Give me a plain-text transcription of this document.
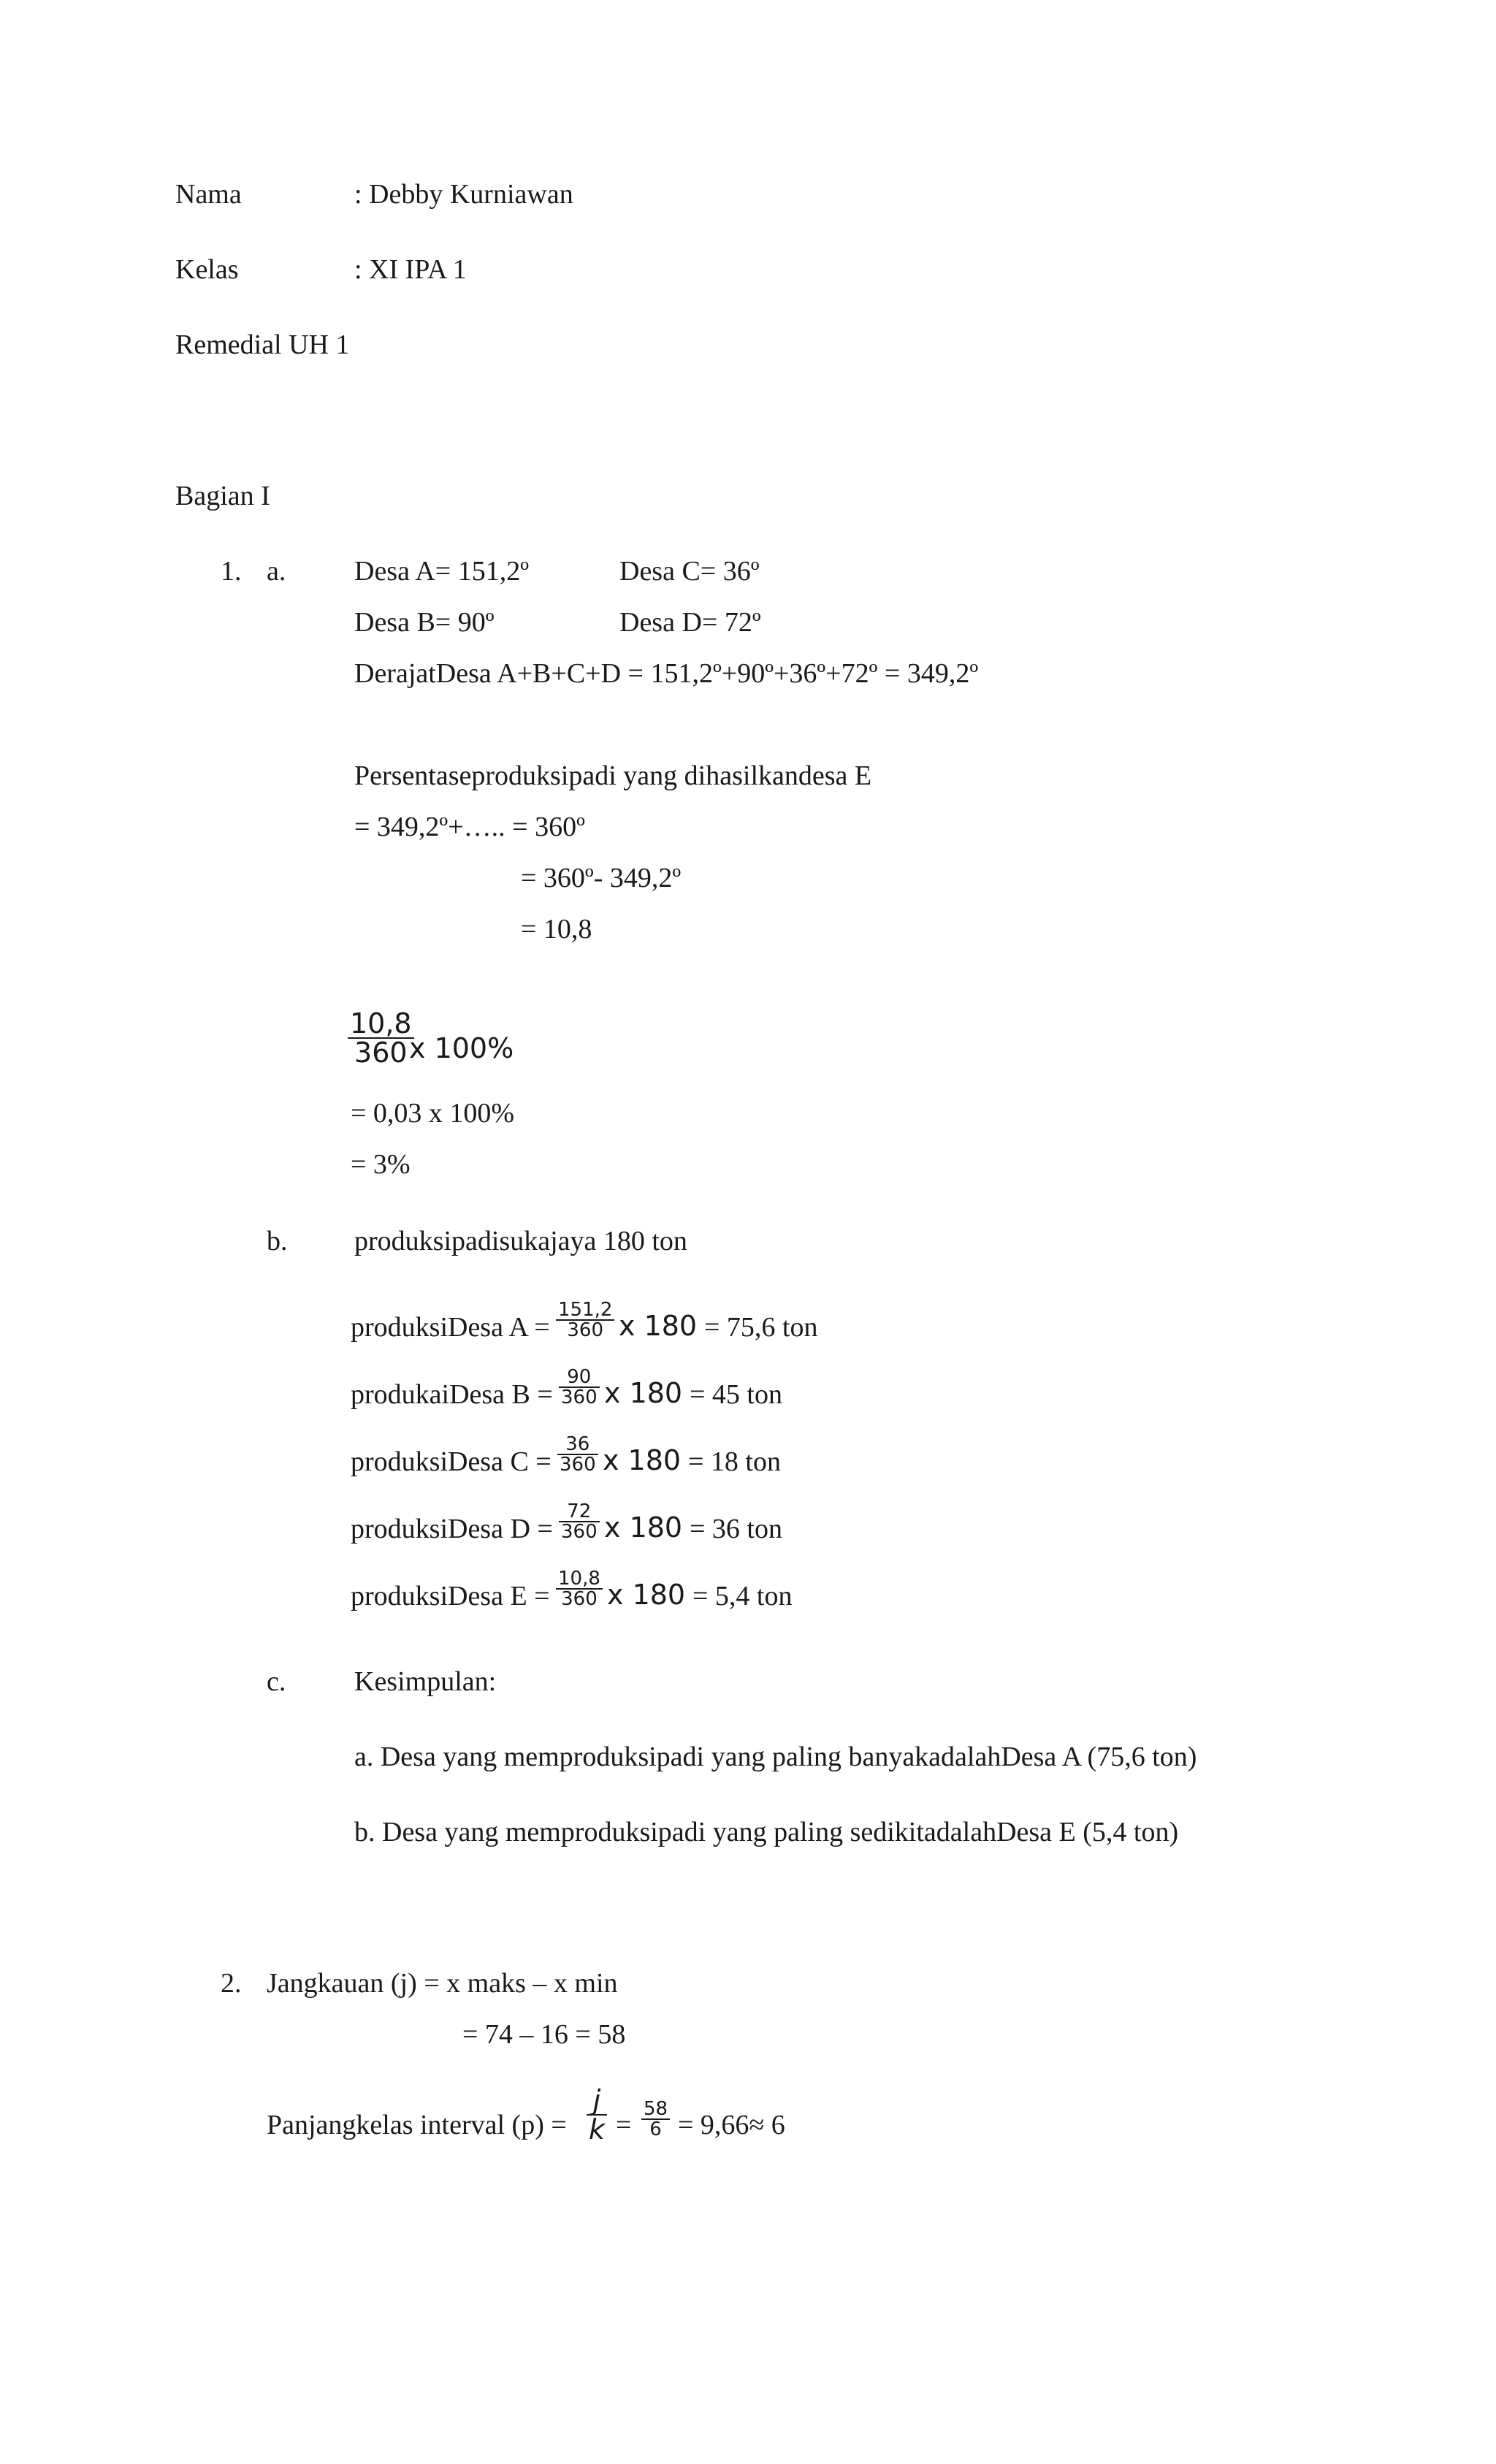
Nama	: Debby Kurniawan
Kelas	: XI IPA 1
Remedial UH 1
Bagian I
1. a. Desa A= 151,2º	Desa C= 36º
Desa B= 90º	Desa D= 72º
DerajatDesa A+B+C+D = 151,2º+90º+36º+72º = 349,2º
Persentaseproduksipadi yang dihasilkandesa E
= 349,2º+….. = 360º
= 360º- 349,2º
= 10,8
10,8
360 x 100%
= 0,03 x 100%
= 3%
b. produksipadisukajaya 180 ton
produksiDesa A =
151,2
360 x 180 = 75,6 ton
produkaiDesa B =
90
360 x 180 = 45 ton
produksiDesa C =
36
360 x 180 = 18 ton
produksiDesa D =
72
360 x 180 = 36 ton
produksiDesa E =
10,8
360 x 180 = 5,4 ton
c. Kesimpulan:
a. Desa yang memproduksipadi yang paling banyakadalahDesa A (75,6 ton)
b. Desa yang memproduksipadi yang paling sedikitadalahDesa E (5,4 ton)
2. Jangkauan (j) = x maks – x min
= 74 – 16 = 58
Panjangkelas interval (p) =
j
k =
58
6 = 9,66≈ 6
